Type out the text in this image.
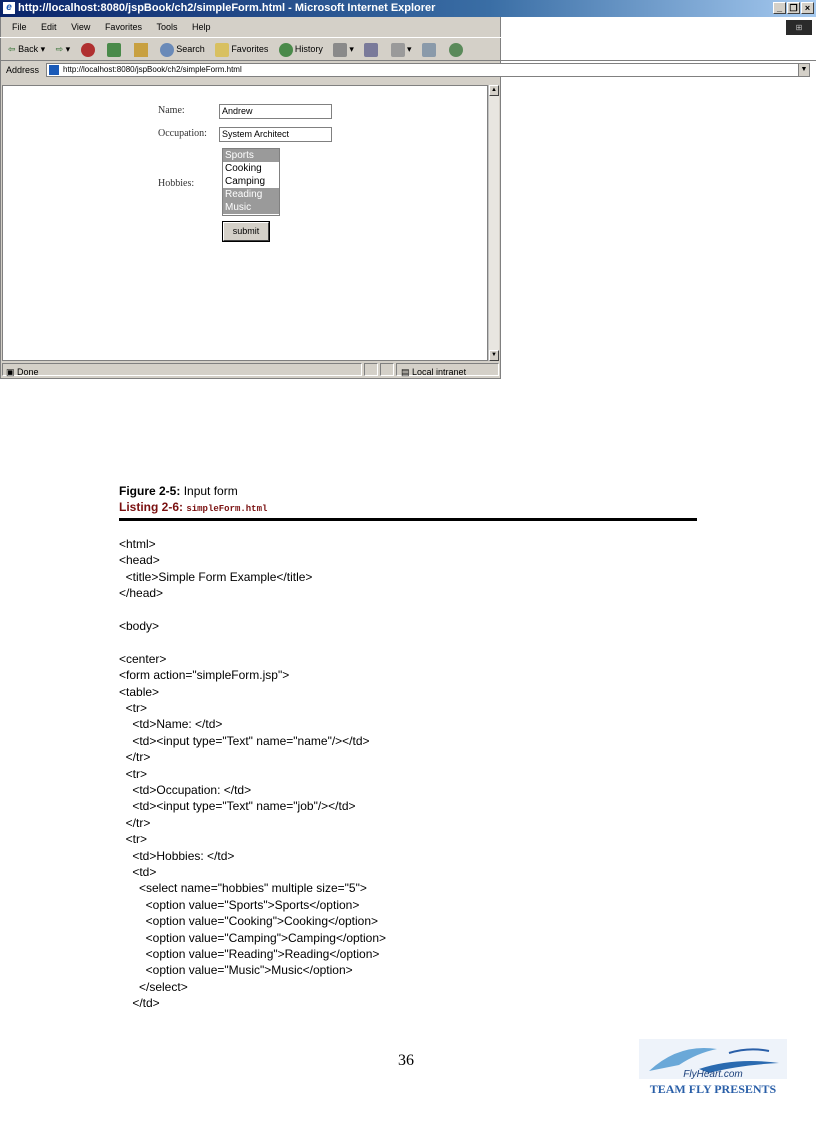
e http://localhost:8080/jspBook/ch2/simpleForm.html - Microsoft Internet Explorer	_ ❐ ×
File Edit View Favorites Tools Help	⊞
⇦ Back ▾ ⇨ ▾	Search	Favorites	History	▾	▾
Address	http://localhost:8080/jspBook/ch2/simpleForm.html	▼
Name:	Andrew
Occupation:	System Architect
Hobbies:
Sports
Cooking
Camping
Reading
Music
submit
▲
▼
▣ Done	▤ Local intranet
Figure 2-5: Input form
Listing 2-6: simpleForm.html
<html>
<head>
<title>Simple Form Example</title>
</head>
<body>
<center>
<form action="simpleForm.jsp">
<table>
<tr>
<td>Name: </td>
<td><input type="Text" name="name"/></td>
</tr>
<tr>
<td>Occupation: </td>
<td><input type="Text" name="job"/></td>
</tr>
<tr>
<td>Hobbies: </td>
<td>
<select name="hobbies" multiple size="5">
<option value="Sports">Sports</option>
<option value="Cooking">Cooking</option>
<option value="Camping">Camping</option>
<option value="Reading">Reading</option>
<option value="Music">Music</option>
</select>
</td>
36
FlyHeart.com
TEAM FLY PRESENTS
